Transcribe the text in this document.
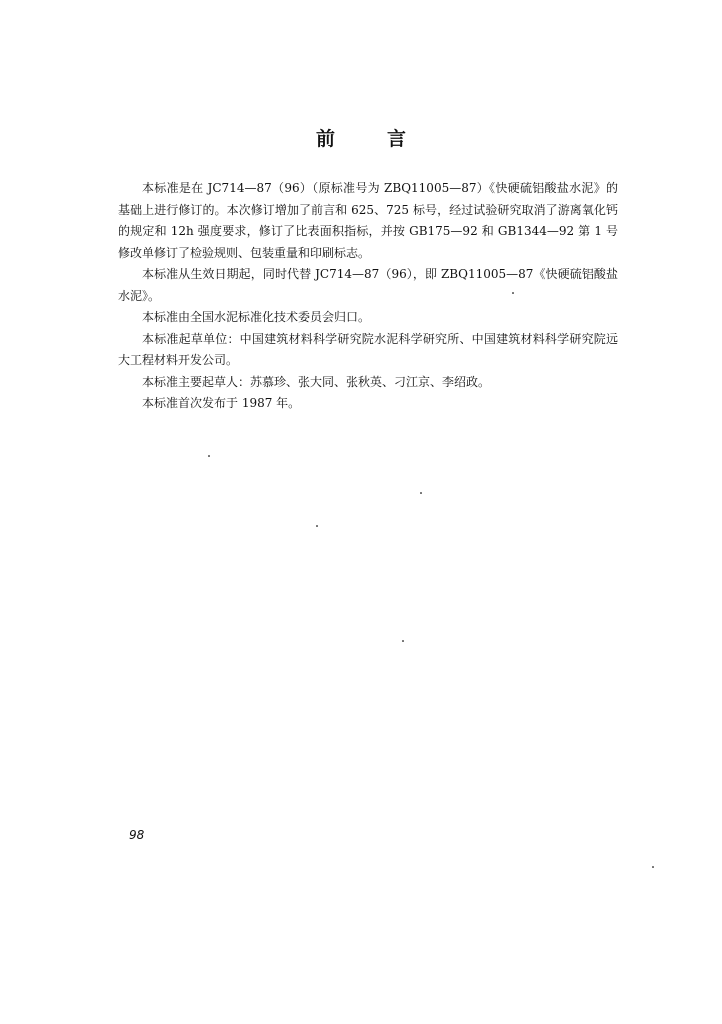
前	言

本标准是在 JC714—87（96）（原标准号为 ZBQ11005—87）《快硬硫铝酸盐水泥》的基础上进行修订的。本次修订增加了前言和 625、725 标号，经过试验研究取消了游离氧化钙的规定和 12h 强度要求，修订了比表面积指标，并按 GB175—92 和 GB1344—92 第 1 号修改单修订了检验规则、包装重量和印刷标志。

本标准从生效日期起，同时代替 JC714—87（96），即 ZBQ11005—87《快硬硫铝酸盐水泥》。

本标准由全国水泥标准化技术委员会归口。

本标准起草单位：中国建筑材料科学研究院水泥科学研究所、中国建筑材料科学研究院远大工程材料开发公司。

本标准主要起草人：苏慕珍、张大同、张秋英、刁江京、李绍政。

本标准首次发布于 1987 年。

98
